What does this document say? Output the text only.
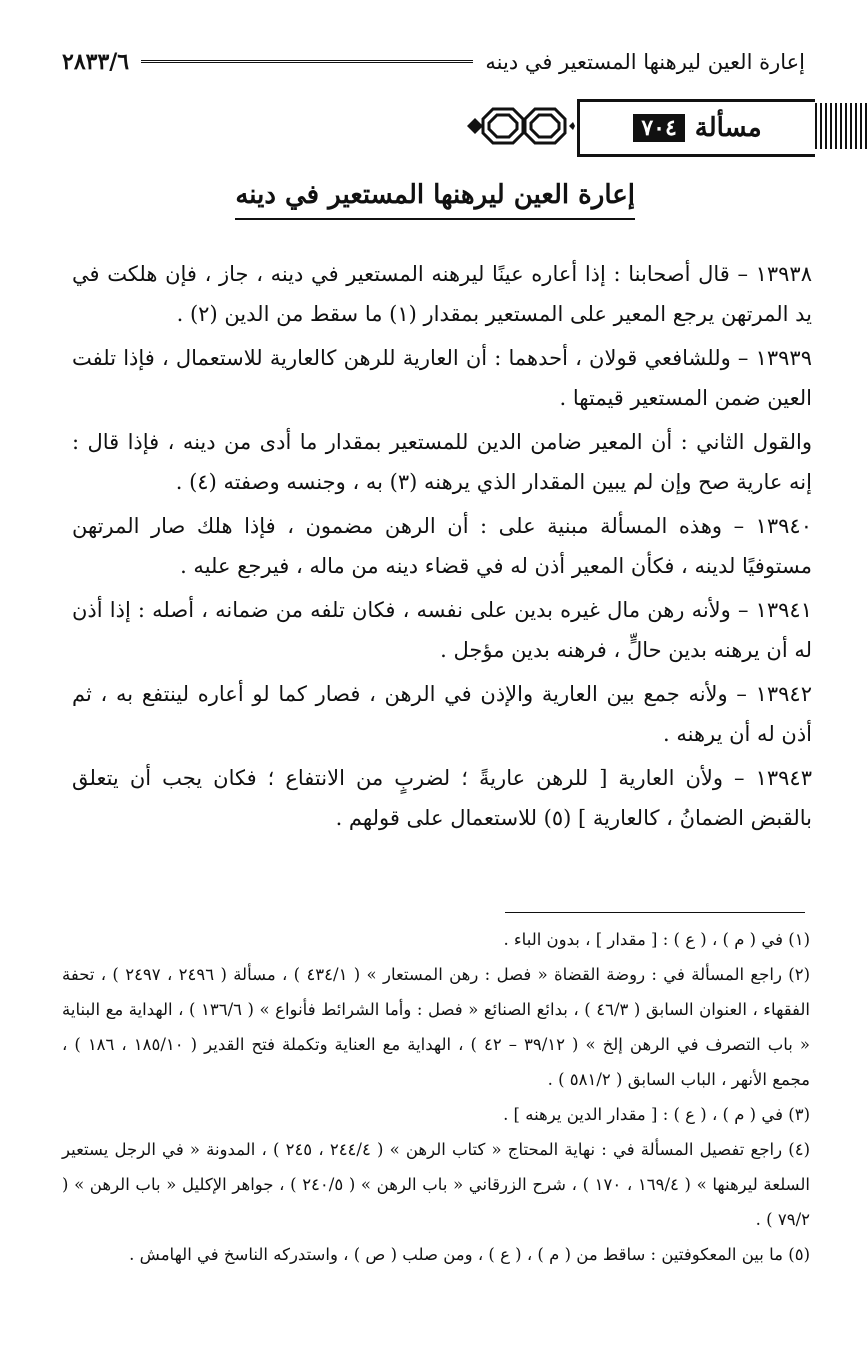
إعارة العين ليرهنها المستعير في دينه
٢٨٣٣/٦
مسألة
٧٠٤
إعارة العين ليرهنها المستعير في دينه

١٣٩٣٨ – قال أصحابنا : إذا أعاره عينًا ليرهنه المستعير في دينه ، جاز ، فإن هلكت في يد المرتهن يرجع المعير على المستعير بمقدار (١) ما سقط من الدين (٢) .

١٣٩٣٩ – وللشافعي قولان ، أحدهما : أن العارية للرهن كالعارية للاستعمال ، فإذا تلفت العين ضمن المستعير قيمتها .

والقول الثاني : أن المعير ضامن الدين للمستعير بمقدار ما أدى من دينه ، فإذا قال : إنه عارية صح وإن لم يبين المقدار الذي يرهنه (٣) به ، وجنسه وصفته (٤) .

١٣٩٤٠ – وهذه المسألة مبنية على : أن الرهن مضمون ، فإذا هلك صار المرتهن مستوفيًا لدينه ، فكأن المعير أذن له في قضاء دينه من ماله ، فيرجع عليه .

١٣٩٤١ – ولأنه رهن مال غيره بدين على نفسه ، فكان تلفه من ضمانه ، أصله : إذا أذن له أن يرهنه بدين حالٍّ ، فرهنه بدين مؤجل .

١٣٩٤٢ – ولأنه جمع بين العارية والإذن في الرهن ، فصار كما لو أعاره لينتفع به ، ثم أذن له أن يرهنه .

١٣٩٤٣ – ولأن العارية [ للرهن عاريةً ؛ لضربٍ من الانتفاع ؛ فكان يجب أن يتعلق بالقبض الضمانُ ، كالعارية ] (٥) للاستعمال على قولهم .

(١) في ( م ) ، ( ع ) : [ مقدار ] ، بدون الباء .

(٢) راجع المسألة في : روضة القضاة « فصل : رهن المستعار » ( ٤٣٤/١ ) ، مسألة ( ٢٤٩٦ ، ٢٤٩٧ ) ، تحفة الفقهاء ، العنوان السابق ( ٤٦/٣ ) ، بدائع الصنائع « فصل : وأما الشرائط فأنواع » ( ١٣٦/٦ ) ، الهداية مع البناية « باب التصرف في الرهن إلخ » ( ٣٩/١٢ – ٤٢ ) ، الهداية مع العناية وتكملة فتح القدير ( ١٨٥/١٠ ، ١٨٦ ) ، مجمع الأنهر ، الباب السابق ( ٥٨١/٢ ) .

(٣) في ( م ) ، ( ع ) : [ مقدار الدين يرهنه ] .

(٤) راجع تفصيل المسألة في : نهاية المحتاج « كتاب الرهن » ( ٢٤٤/٤ ، ٢٤٥ ) ، المدونة « في الرجل يستعير السلعة ليرهنها » ( ١٦٩/٤ ، ١٧٠ ) ، شرح الزرقاني « باب الرهن » ( ٢٤٠/٥ ) ، جواهر الإكليل « باب الرهن » ( ٧٩/٢ ) .

(٥) ما بين المعكوفتين : ساقط من ( م ) ، ( ع ) ، ومن صلب ( ص ) ، واستدركه الناسخ في الهامش .
